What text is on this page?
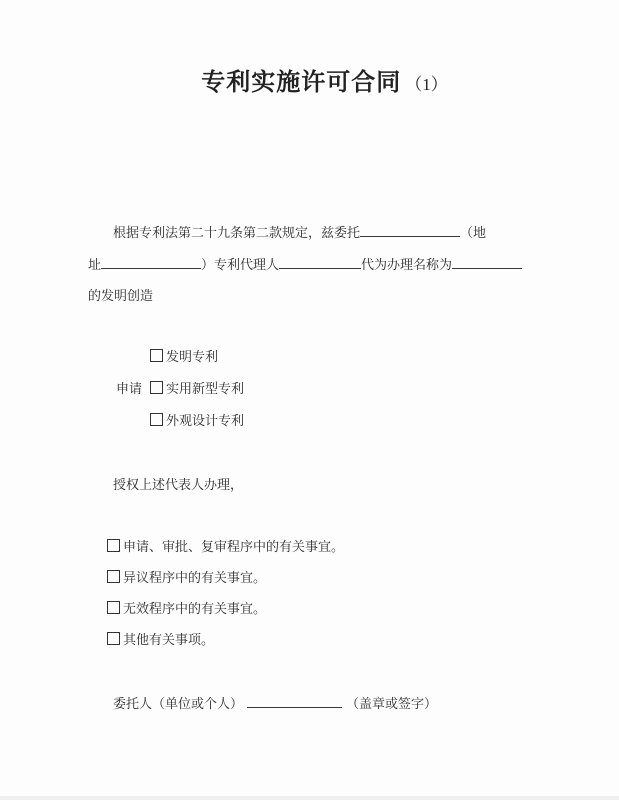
专利实施许可合同 （1）
根据专利法第二十九条第二款规定，兹委托	（地
址	）专利代理人	代为办理名称为
的发明创造
发明专利
申请 实用新型专利
外观设计专利
授权上述代表人办理，
申请、审批、复审程序中的有关事宜。
异议程序中的有关事宜。
无效程序中的有关事宜。
其他有关事项。
委托人（单位或个人）	（盖章或签字）
